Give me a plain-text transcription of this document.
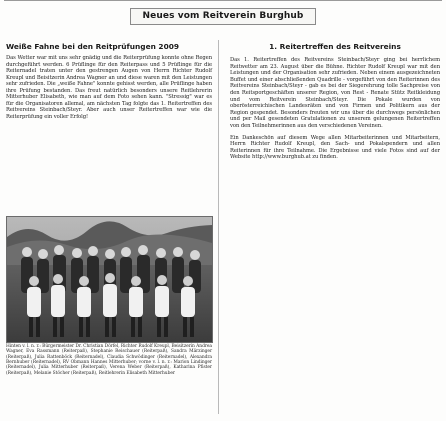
Neues vom Reitverein Burghub
Weiße Fahne bei den Reitprüfungen 2009

Das Wetter war mit uns sehr gnädig und die Reiterprüfung konnte ohne Regen durchgeführt werden. 6 Prüflinge für den Reiterpass und 5 Prüflinge für die Reiternadel traten unter den gestrengen Augen von Herrn Richter Rudolf Kreupl und Beisitzerin Andrea Wagner an und diese waren mit den Leistungen sehr zufrieden. Die „weiße Fahne" konnte gehisst werden, alle Prüflinge haben ihre Prüfung bestanden. Das freut natürlich besonders unsere Reitlehrerin Mitterhuber Elisabeth, wie man auf dem Foto sehen kann. "Stressig" war es für die Organisatoren allemal, am nächsten Tag folgte das 1. Reitertreffen des Reitvereins Steinbach/Steyr. Aber auch unser Reitertreffen war wie die Reiterprüfung ein voller Erfolg!

Hinten v. l. n. r.: Bürgermeister Dr. Christian Dörfel, Richter Rudolf Kreupl, Beisitzerin Andrea Wagner, Eva Rassmann (Reiterpaß), Stephanie Reischauer (Reiterpaß), Sandra Märzinger (Reiterpaß), Julia Rattenböck (Reiternadel), Claudia Schwödinger (Reiternadel), Alexandra Bernhuber (Reiternadel), RV Obmann Hannes Mitterhuber; vorne v. l. n. r.: Marion Lindinger (Reiternadel), Julia Mitterhuber (Reiterpaß), Verena Weber (Reiterpaß), Katharina Pfister (Reiterpaß), Melanie Stöcher (Reiterpaß), Reitlehrerin Elisabeth Mitterhuber

1. Reitertreffen des Reitvereins

Das 1. Reitertreffen des Reitvereins Steinbach/Steyr ging bei herrlichem Reitwetter am 23. August über die Bühne. Richter Rudolf Kreupl war mit den Leistungen und der Organisation sehr zufrieden. Neben einem ausgezeichneten Buffet und einer abschließenden Quadrille - vorgeführt von den Reiterinnen des Reitvereins Steinbach/Steyr - gab es bei der Siegerehrung tolle Sachpreise von den Reitsportgeschäften unserer Region, von Rest - Renate Stütz Reitkleidung und vom Reitverein Steinbach/Steyr. Die Pokale wurden von oberösterreichischen Landesräten und von Firmen und Politikern aus der Region gespendet. Besonders freuten wir uns über die durchwegs persönlichen und per Mail gesendeten Gratulationen zu unserem gelungenen Reitertreffen von den Teilnehmerinnen aus den verschiedenen Vereinen.

Ein Dankeschön auf diesem Wege allen Mitarbeiterinnen und Mitarbeitern, Herrn Richter Rudolf Kreupl, den Sach- und Pokalspendern und allen Reiterinnen für ihre Teilnahme. Die Ergebnisse und viele Fotos sind auf der Website http://www.burghub.at zu finden.
